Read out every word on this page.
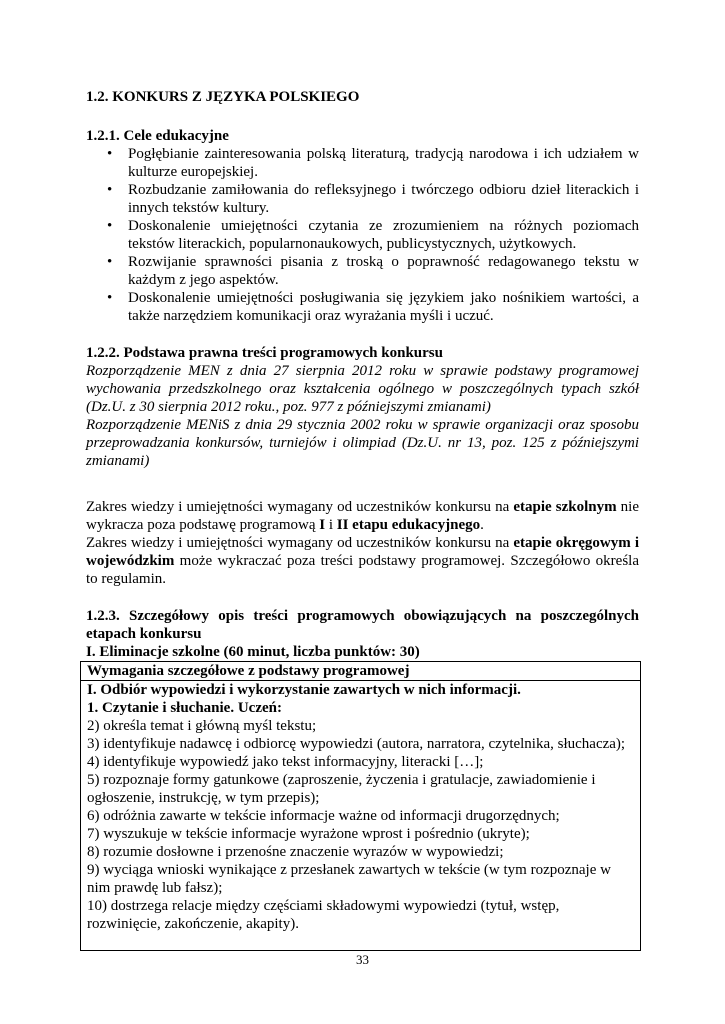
1.2. KONKURS Z JĘZYKA POLSKIEGO
1.2.1. Cele edukacyjne
• Pogłębianie zainteresowania polską literaturą, tradycją narodowa i ich udziałem w kulturze europejskiej.
• Rozbudzanie zamiłowania do refleksyjnego i twórczego odbioru dzieł literackich i innych tekstów kultury.
• Doskonalenie umiejętności czytania ze zrozumieniem na różnych poziomach tekstów literackich, popularnonaukowych, publicystycznych, użytkowych.
• Rozwijanie sprawności pisania z troską o poprawność redagowanego tekstu w każdym z jego aspektów.
• Doskonalenie umiejętności posługiwania się językiem jako nośnikiem wartości, a także narzędziem komunikacji oraz wyrażania myśli i uczuć.
1.2.2. Podstawa prawna treści programowych konkursu

Rozporządzenie MEN z dnia 27 sierpnia 2012 roku w sprawie podstawy programowej wychowania przedszkolnego oraz kształcenia ogólnego w poszczególnych typach szkół (Dz.U. z 30 sierpnia 2012 roku., poz. 977 z późniejszymi zmianami)

Rozporządzenie MENiS z dnia 29 stycznia 2002 roku w sprawie organizacji oraz sposobu przeprowadzania konkursów, turniejów i olimpiad (Dz.U. nr 13, poz. 125 z późniejszymi zmianami)

Zakres wiedzy i umiejętności wymagany od uczestników konkursu na etapie szkolnym nie wykracza poza podstawę programową I i II etapu edukacyjnego.

Zakres wiedzy i umiejętności wymagany od uczestników konkursu na etapie okręgowym i wojewódzkim może wykraczać poza treści podstawy programowej. Szczegółowo określa to regulamin.

1.2.3. Szczegółowy opis treści programowych obowiązujących na poszczególnych etapach konkursu
I. Eliminacje szkolne (60 minut, liczba punktów: 30)
Wymagania szczegółowe z podstawy programowej

I. Odbiór wypowiedzi i wykorzystanie zawartych w nich informacji.

1. Czytanie i słuchanie. Uczeń:

2) określa temat i główną myśl tekstu;

3) identyfikuje nadawcę i odbiorcę wypowiedzi (autora, narratora, czytelnika, słuchacza);

4) identyfikuje wypowiedź jako tekst informacyjny, literacki […];

5) rozpoznaje formy gatunkowe (zaproszenie, życzenia i gratulacje, zawiadomienie i ogłoszenie, instrukcję, w tym przepis);

6) odróżnia zawarte w tekście informacje ważne od informacji drugorzędnych;

7) wyszukuje w tekście informacje wyrażone wprost i pośrednio (ukryte);

8) rozumie dosłowne i przenośne znaczenie wyrazów w wypowiedzi;

9) wyciąga wnioski wynikające z przesłanek zawartych w tekście (w tym rozpoznaje w nim prawdę lub fałsz);

10) dostrzega relacje między częściami składowymi wypowiedzi (tytuł, wstęp, rozwinięcie, zakończenie, akapity).

33
